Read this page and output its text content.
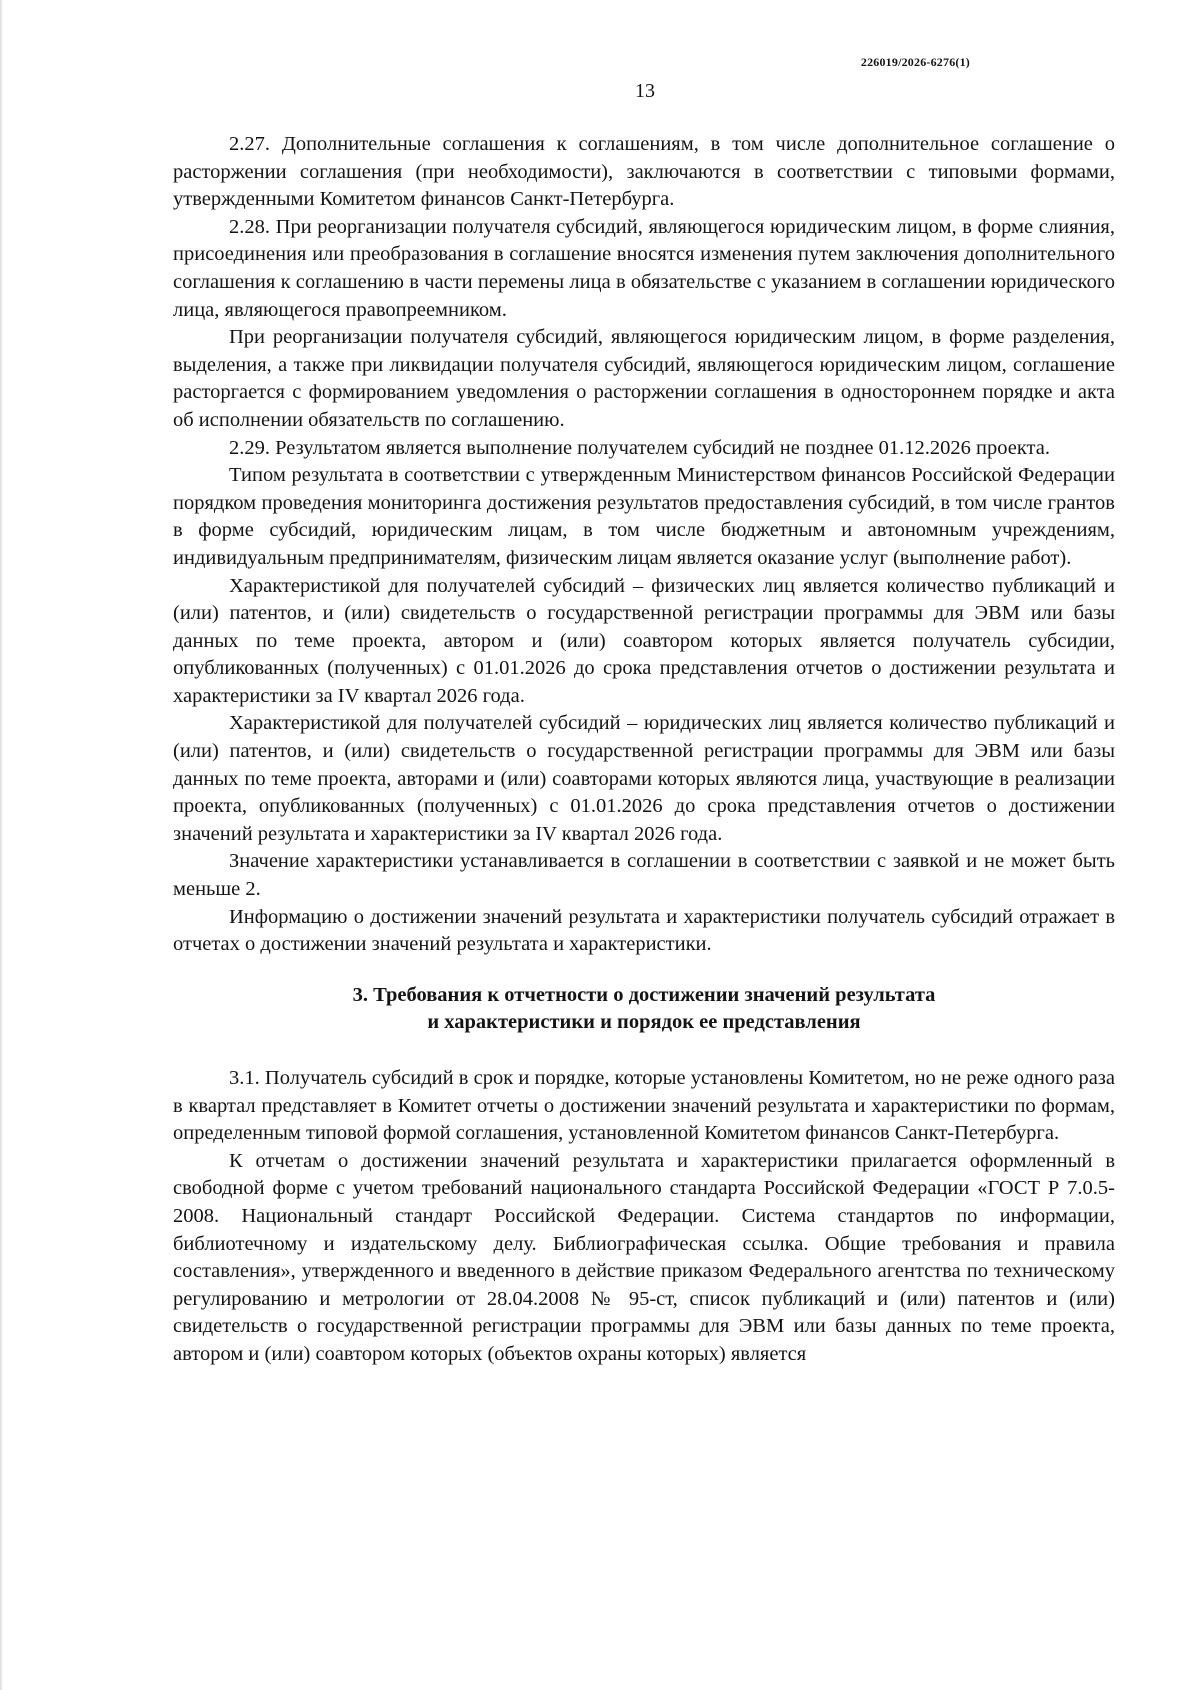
226019/2026-6276(1)
13

2.27. Дополнительные соглашения к соглашениям, в том числе дополнительное соглашение о расторжении соглашения (при необходимости), заключаются в соответствии с типовыми формами, утвержденными Комитетом финансов Санкт-Петербурга.

2.28. При реорганизации получателя субсидий, являющегося юридическим лицом, в форме слияния, присоединения или преобразования в соглашение вносятся изменения путем заключения дополнительного соглашения к соглашению в части перемены лица в обязательстве с указанием в соглашении юридического лица, являющегося правопреемником.

При реорганизации получателя субсидий, являющегося юридическим лицом, в форме разделения, выделения, а также при ликвидации получателя субсидий, являющегося юридическим лицом, соглашение расторгается с формированием уведомления о расторжении соглашения в одностороннем порядке и акта об исполнении обязательств по соглашению.

2.29. Результатом является выполнение получателем субсидий не позднее 01.12.2026 проекта.

Типом результата в соответствии с утвержденным Министерством финансов Российской Федерации порядком проведения мониторинга достижения результатов предоставления субсидий, в том числе грантов в форме субсидий, юридическим лицам, в том числе бюджетным и автономным учреждениям, индивидуальным предпринимателям, физическим лицам является оказание услуг (выполнение работ).

Характеристикой для получателей субсидий – физических лиц является количество публикаций и (или) патентов, и (или) свидетельств о государственной регистрации программы для ЭВМ или базы данных по теме проекта, автором и (или) соавтором которых является получатель субсидии, опубликованных (полученных) с 01.01.2026 до срока представления отчетов о достижении результата и характеристики за IV квартал 2026 года.

Характеристикой для получателей субсидий – юридических лиц является количество публикаций и (или) патентов, и (или) свидетельств о государственной регистрации программы для ЭВМ или базы данных по теме проекта, авторами и (или) соавторами которых являются лица, участвующие в реализации проекта, опубликованных (полученных) с 01.01.2026 до срока представления отчетов о достижении значений результата и характеристики за IV квартал 2026 года.

Значение характеристики устанавливается в соглашении в соответствии с заявкой и не может быть меньше 2.

Информацию о достижении значений результата и характеристики получатель субсидий отражает в отчетах о достижении значений результата и характеристики.

3. Требования к отчетности о достижении значений результата
и характеристики и порядок ее представления

3.1. Получатель субсидий в срок и порядке, которые установлены Комитетом, но не реже одного раза в квартал представляет в Комитет отчеты о достижении значений результата и характеристики по формам, определенным типовой формой соглашения, установленной Комитетом финансов Санкт-Петербурга.

К отчетам о достижении значений результата и характеристики прилагается оформленный в свободной форме с учетом требований национального стандарта Российской Федерации «ГОСТ Р 7.0.5-2008. Национальный стандарт Российской Федерации. Система стандартов по информации, библиотечному и издательскому делу. Библиографическая ссылка. Общие требования и правила составления», утвержденного и введенного в действие приказом Федерального агентства по техническому регулированию и метрологии от 28.04.2008 № 95-ст, список публикаций и (или) патентов и (или) свидетельств о государственной регистрации программы для ЭВМ или базы данных по теме проекта, автором и (или) соавтором которых (объектов охраны которых) является
